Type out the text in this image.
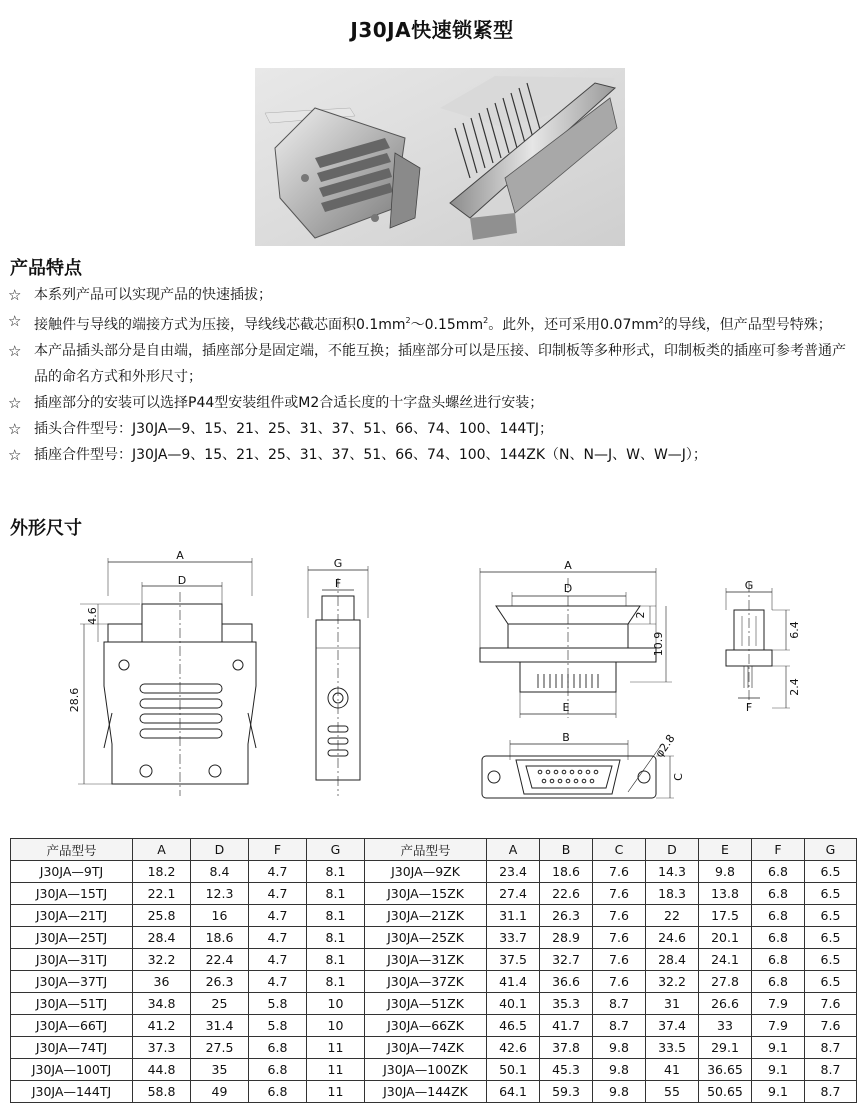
J30JA快速锁紧型
产品特点
☆ 本系列产品可以实现产品的快速插拔；
☆ 接触件与导线的端接方式为压接，导线线芯截芯面积$0.1mm^2\sim 0.15mm^2$。此外，还可采用$0.07mm^2$的导线，但产品型号特殊；
☆ 本产品插头部分是自由端，插座部分是固定端，不能互换；插座部分可以是压接、印制板等多种形式，印制板类的插座可参考普通产品的命名方式和外形尺寸；
☆ 插座部分的安装可以选择P44型安装组件或M2合适长度的十字盘头螺丝进行安装；
☆ 插头合件型号：J30JA—9、15、21、25、31、37、51、66、74、100、144TJ；
☆ 插座合件型号：J30JA—9、15、21、25、31、37、51、66、74、100、144ZK（N、N—J、W、W—J）；
外形尺寸
A
D
4.6
28.6
G
F
A
D
E
2
10.9
B	φ2.8
C
G
F
6.4
2.4
产品型号	A	D	F	G	产品型号	A	B	C	D	E	F	G
J30JA—9TJ	18.2	8.4	4.7	8.1	J30JA—9ZK	23.4	18.6	7.6	14.3	9.8	6.8	6.5
J30JA—15TJ	22.1	12.3	4.7	8.1	J30JA—15ZK	27.4	22.6	7.6	18.3	13.8	6.8	6.5
J30JA—21TJ	25.8	16	4.7	8.1	J30JA—21ZK	31.1	26.3	7.6	22	17.5	6.8	6.5
J30JA—25TJ	28.4	18.6	4.7	8.1	J30JA—25ZK	33.7	28.9	7.6	24.6	20.1	6.8	6.5
J30JA—31TJ	32.2	22.4	4.7	8.1	J30JA—31ZK	37.5	32.7	7.6	28.4	24.1	6.8	6.5
J30JA—37TJ	36	26.3	4.7	8.1	J30JA—37ZK	41.4	36.6	7.6	32.2	27.8	6.8	6.5
J30JA—51TJ	34.8	25	5.8	10	J30JA—51ZK	40.1	35.3	8.7	31	26.6	7.9	7.6
J30JA—66TJ	41.2	31.4	5.8	10	J30JA—66ZK	46.5	41.7	8.7	37.4	33	7.9	7.6
J30JA—74TJ	37.3	27.5	6.8	11	J30JA—74ZK	42.6	37.8	9.8	33.5	29.1	9.1	8.7
J30JA—100TJ	44.8	35	6.8	11	J30JA—100ZK	50.1	45.3	9.8	41	36.65	9.1	8.7
J30JA—144TJ	58.8	49	6.8	11	J30JA—144ZK	64.1	59.3	9.8	55	50.65	9.1	8.7
